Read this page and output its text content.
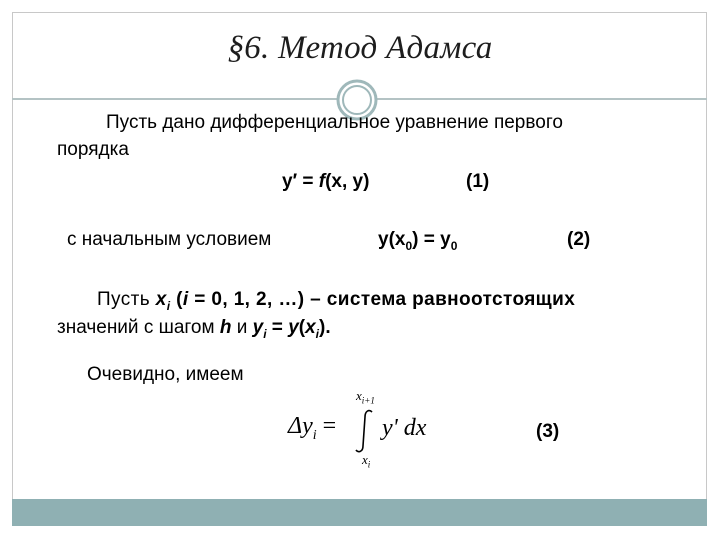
§6. Метод Адамса
Пусть дано дифференциальное уравнение первого
порядка
y′ = f(x, y)	(1)
с начальным условием	$y(x_0) = y_0$	(2)
Пусть $x_i$ (i = 0, 1, 2, …) – система равноотстоящих
значений с шагом h и $y_i = y(x_i)$.
Очевидно, имеем
$\Delta y_i$ =
$x_{i+1}$
$x_i$
y' dx	(3)
